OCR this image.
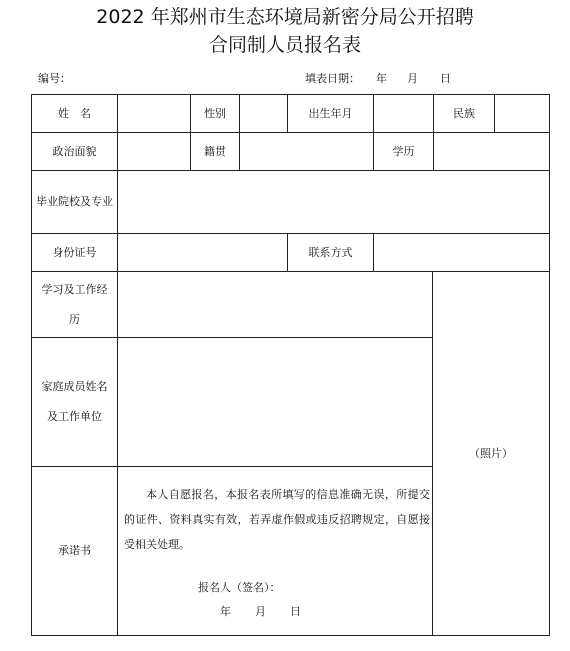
2022 年郑州市生态环境局新密分局公开招聘
合同制人员报名表
编号：	填表日期： 年 月 日
姓　名	性别	出生年月	民族
政治面貌	籍贯	学历
毕业院校及专业
身份证号	联系方式
学习及工作经历
家庭成员姓名及工作单位
（照片）
承诺书
本人自愿报名，本报名表所填写的信息准确无误，所提交的证件、资料真实有效，若弄虚作假或违反招聘规定，自愿接受相关处理。
报名人（签名）：
年 月 日
